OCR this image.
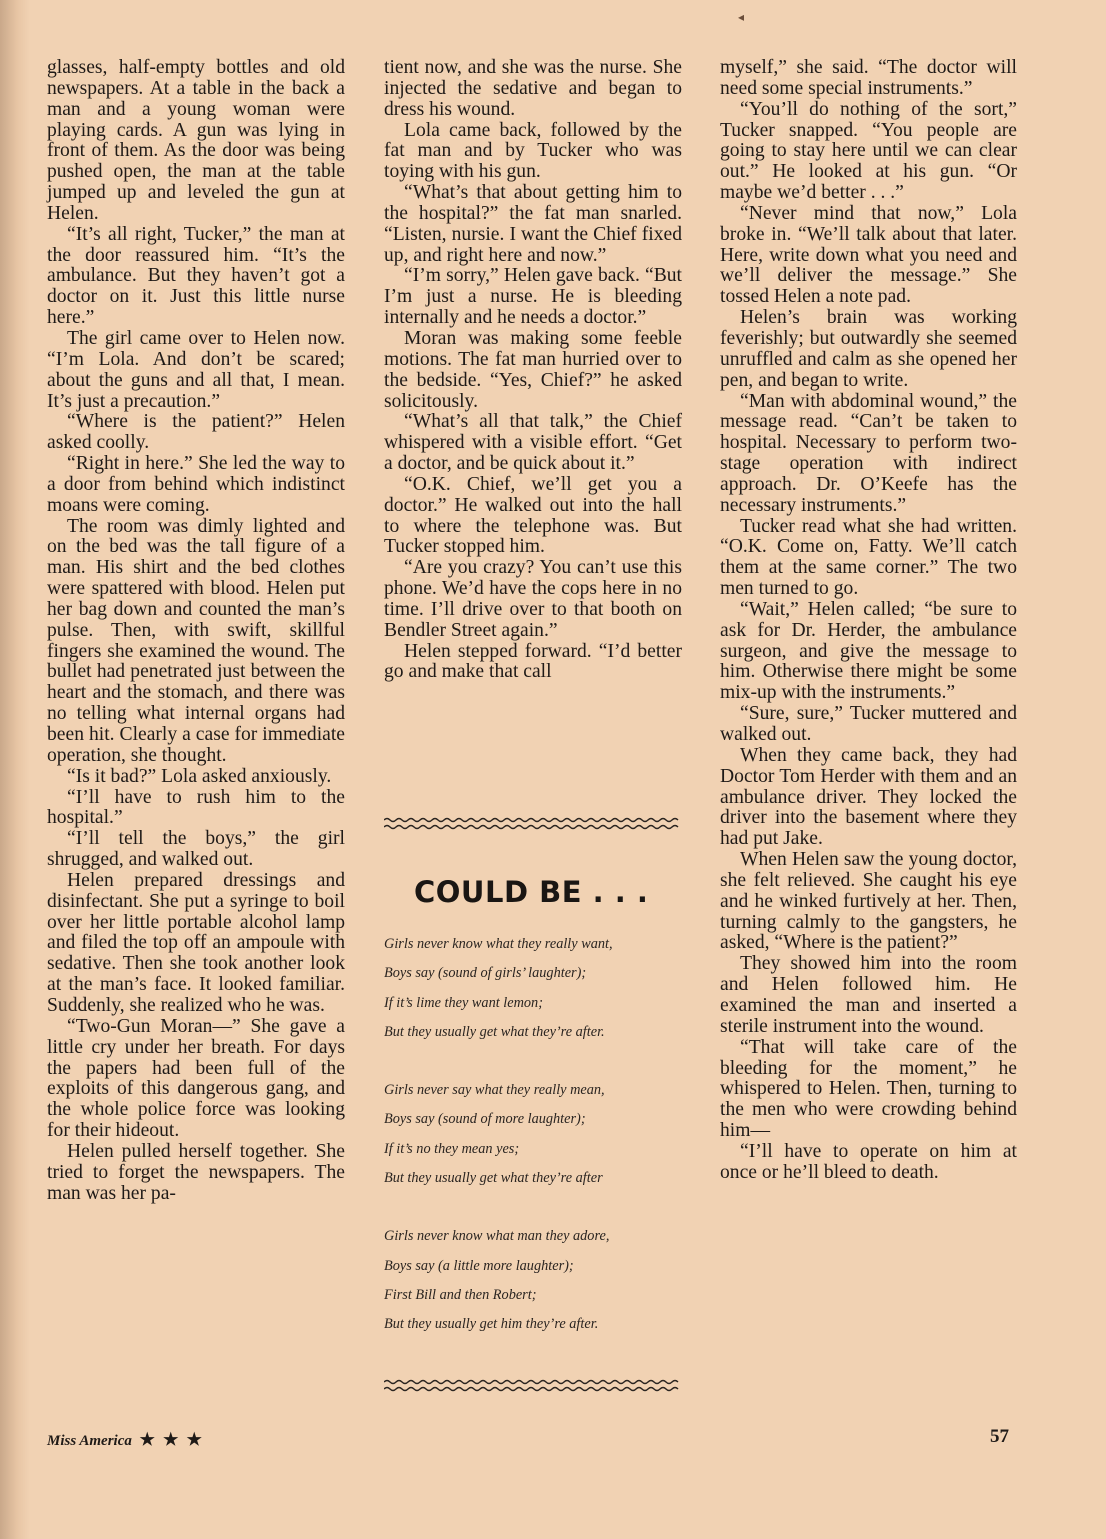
◂

glasses, half-empty bottles and old newspapers. At a table in the back a man and a young woman were playing cards. A gun was lying in front of them. As the door was being pushed open, the man at the table jumped up and leveled the gun at Helen.

“It’s all right, Tucker,” the man at the door reassured him. “It’s the ambulance. But they haven’t got a doctor on it. Just this little nurse here.”

The girl came over to Helen now. “I’m Lola. And don’t be scared; about the guns and all that, I mean. It’s just a precaution.”

“Where is the patient?” Helen asked coolly.

“Right in here.” She led the way to a door from behind which indistinct moans were coming.

The room was dimly lighted and on the bed was the tall figure of a man. His shirt and the bed clothes were spattered with blood. Helen put her bag down and counted the man’s pulse. Then, with swift, skillful fingers she examined the wound. The bullet had penetrated just between the heart and the stomach, and there was no telling what internal organs had been hit. Clearly a case for immediate operation, she thought.

“Is it bad?” Lola asked anxiously.

“I’ll have to rush him to the hospital.”

“I’ll tell the boys,” the girl shrugged, and walked out.

Helen prepared dressings and disinfectant. She put a syringe to boil over her little portable alcohol lamp and filed the top off an ampoule with sedative. Then she took another look at the man’s face. It looked familiar. Suddenly, she realized who he was.

“Two-Gun Moran—” She gave a little cry under her breath. For days the papers had been full of the exploits of this dangerous gang, and the whole police force was looking for their hideout.

Helen pulled herself together. She tried to forget the newspapers. The man was her pa-

tient now, and she was the nurse. She injected the sedative and began to dress his wound.

Lola came back, followed by the fat man and by Tucker who was toying with his gun.

“What’s that about getting him to the hospital?” the fat man snarled. “Listen, nursie. I want the Chief fixed up, and right here and now.”

“I’m sorry,” Helen gave back. “But I’m just a nurse. He is bleeding internally and he needs a doctor.”

Moran was making some feeble motions. The fat man hurried over to the bedside. “Yes, Chief?” he asked solicitously.

“What’s all that talk,” the Chief whispered with a visible effort. “Get a doctor, and be quick about it.”

“O.K. Chief, we’ll get you a doctor.” He walked out into the hall to where the telephone was. But Tucker stopped him.

“Are you crazy? You can’t use this phone. We’d have the cops here in no time. I’ll drive over to that booth on Bendler Street again.”

Helen stepped forward. “I’d better go and make that call

COULD BE . . .
Girls never know what they really want,
Boys say (sound of girls’ laughter);
If it’s lime they want lemon;
But they usually get what they’re after.
Girls never say what they really mean,
Boys say (sound of more laughter);
If it’s no they mean yes;
But they usually get what they’re after
Girls never know what man they adore,
Boys say (a little more laughter);
First Bill and then Robert;
But they usually get him they’re after.

myself,” she said. “The doctor will need some special instruments.”

“You’ll do nothing of the sort,” Tucker snapped. “You people are going to stay here until we can clear out.” He looked at his gun. “Or maybe we’d better . . .”

“Never mind that now,” Lola broke in. “We’ll talk about that later. Here, write down what you need and we’ll deliver the message.” She tossed Helen a note pad.

Helen’s brain was working feverishly; but outwardly she seemed unruffled and calm as she opened her pen, and began to write.

“Man with abdominal wound,” the message read. “Can’t be taken to hospital. Necessary to perform two-stage operation with indirect approach. Dr. O’Keefe has the necessary instruments.”

Tucker read what she had written. “O.K. Come on, Fatty. We’ll catch them at the same corner.” The two men turned to go.

“Wait,” Helen called; “be sure to ask for Dr. Herder, the ambulance surgeon, and give the message to him. Otherwise there might be some mix-up with the instruments.”

“Sure, sure,” Tucker muttered and walked out.

When they came back, they had Doctor Tom Herder with them and an ambulance driver. They locked the driver into the basement where they had put Jake.

When Helen saw the young doctor, she felt relieved. She caught his eye and he winked furtively at her. Then, turning calmly to the gangsters, he asked, “Where is the patient?”

They showed him into the room and Helen followed him. He examined the man and inserted a sterile instrument into the wound.

“That will take care of the bleeding for the moment,” he whispered to Helen. Then, turning to the men who were crowding behind him—

“I’ll have to operate on him at once or he’ll bleed to death.

Miss America ★ ★ ★	57
